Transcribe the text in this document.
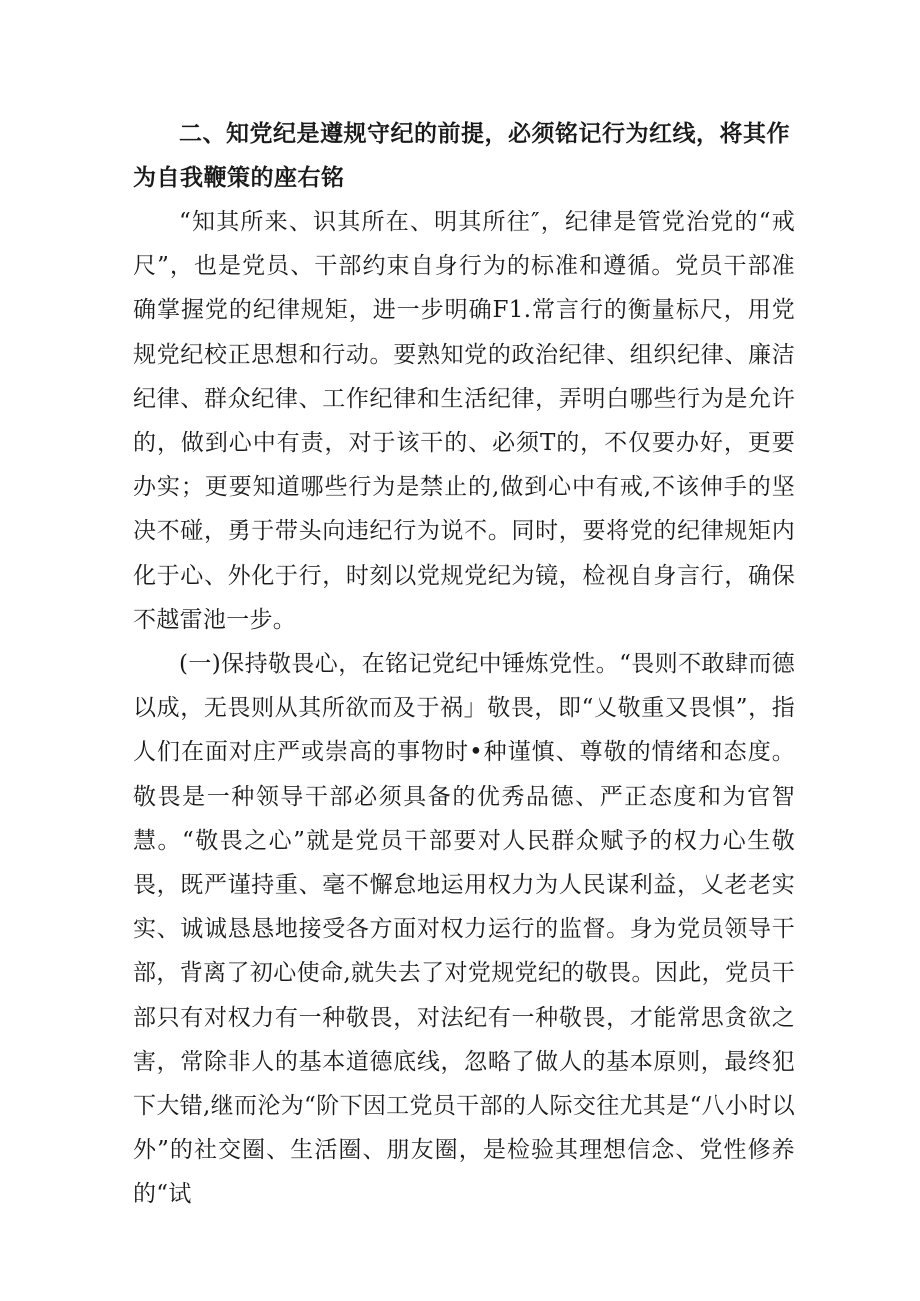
二、知党纪是遵规守纪的前提，必须铭记行为红线，将其作为自我鞭策的座右铭

“知其所来、识其所在、明其所往″，纪律是管党治党的“戒尺”，也是党员、干部约束自身行为的标准和遵循。党员干部准确掌握党的纪律规矩，进一步明确F1.常言行的衡量标尺，用党规党纪校正思想和行动。要熟知党的政治纪律、组织纪律、廉洁纪律、群众纪律、工作纪律和生活纪律，弄明白哪些行为是允许的，做到心中有责，对于该干的、必须T的，不仅要办好，更要办实；更要知道哪些行为是禁止的,做到心中有戒,不该伸手的坚决不碰，勇于带头向违纪行为说不。同时，要将党的纪律规矩内化于心、外化于行，时刻以党规党纪为镜，检视自身言行，确保不越雷池一步。

(一)保持敬畏心，在铭记党纪中锤炼党性。“畏则不敢肆而德以成，无畏则从其所欲而及于祸」敬畏，即“乂敬重又畏惧”，指人们在面对庄严或崇高的事物时•种谨慎、尊敬的情绪和态度。敬畏是一种领导干部必须具备的优秀品德、严正态度和为官智慧。“敬畏之心”就是党员干部要对人民群众赋予的权力心生敬畏，既严谨持重、毫不懈怠地运用权力为人民谋利益，乂老老实实、诚诚恳恳地接受各方面对权力运行的监督。身为党员领导干部，背离了初心使命,就失去了对党规党纪的敬畏。因此，党员干部只有对权力有一种敬畏，对法纪有一种敬畏，才能常思贪欲之害，常除非人的基本道德底线，忽略了做人的基本原则，最终犯下大错,继而沦为“阶下因工党员干部的人际交往尤其是“八小时以外”的社交圈、生活圈、朋友圈，是检验其理想信念、党性修养的“试
